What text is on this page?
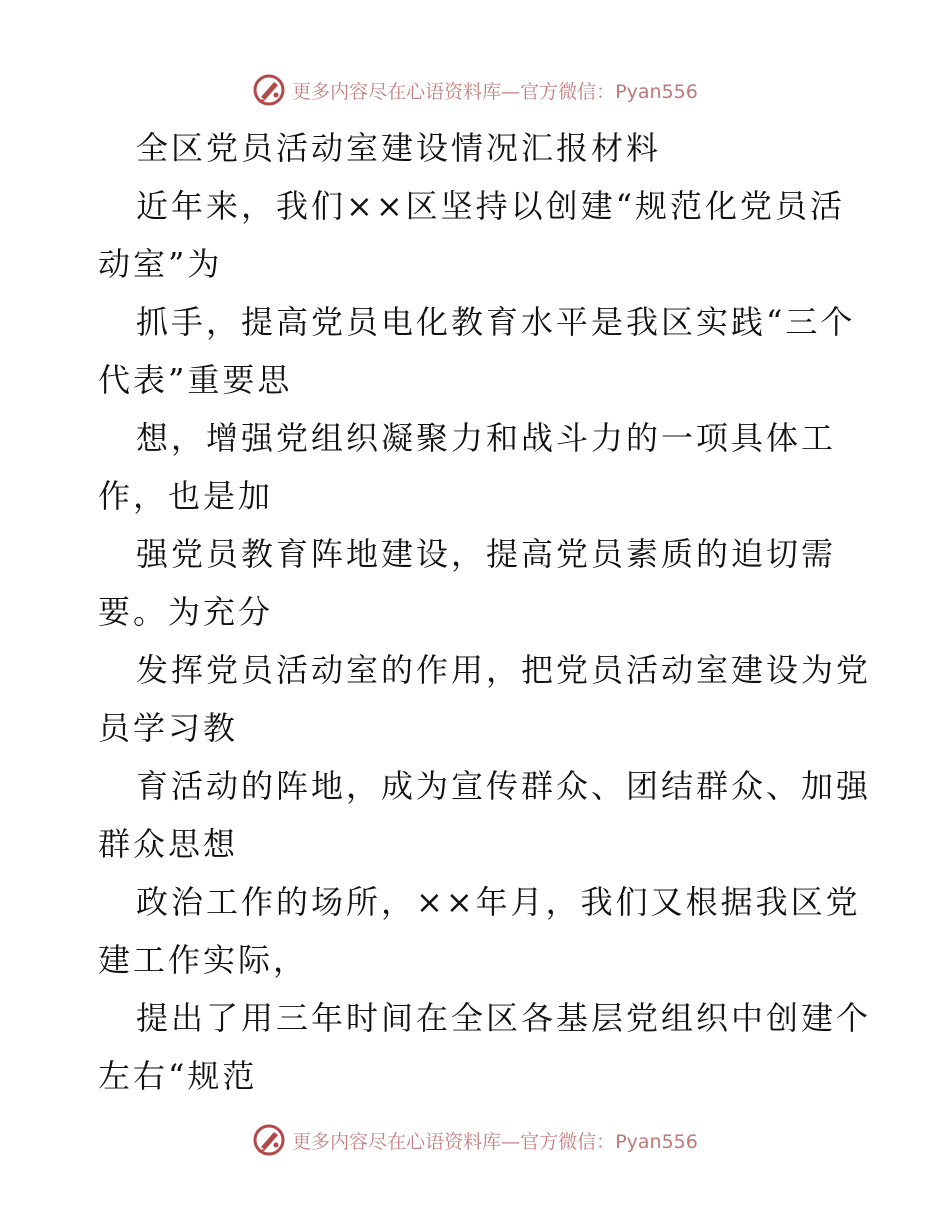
更多内容尽在心语资料库—官方微信：Pyan556
全区党员活动室建设情况汇报材料
近年来，我们××区坚持以创建“规范化党员活
动室”为
抓手，提高党员电化教育水平是我区实践“三个
代表”重要思
想，增强党组织凝聚力和战斗力的一项具体工
作，也是加
强党员教育阵地建设，提高党员素质的迫切需
要。为充分
发挥党员活动室的作用，把党员活动室建设为党
员学习教
育活动的阵地，成为宣传群众、团结群众、加强
群众思想
政治工作的场所，××年月，我们又根据我区党
建工作实际，
提出了用三年时间在全区各基层党组织中创建个
左右“规范
更多内容尽在心语资料库—官方微信：Pyan556
